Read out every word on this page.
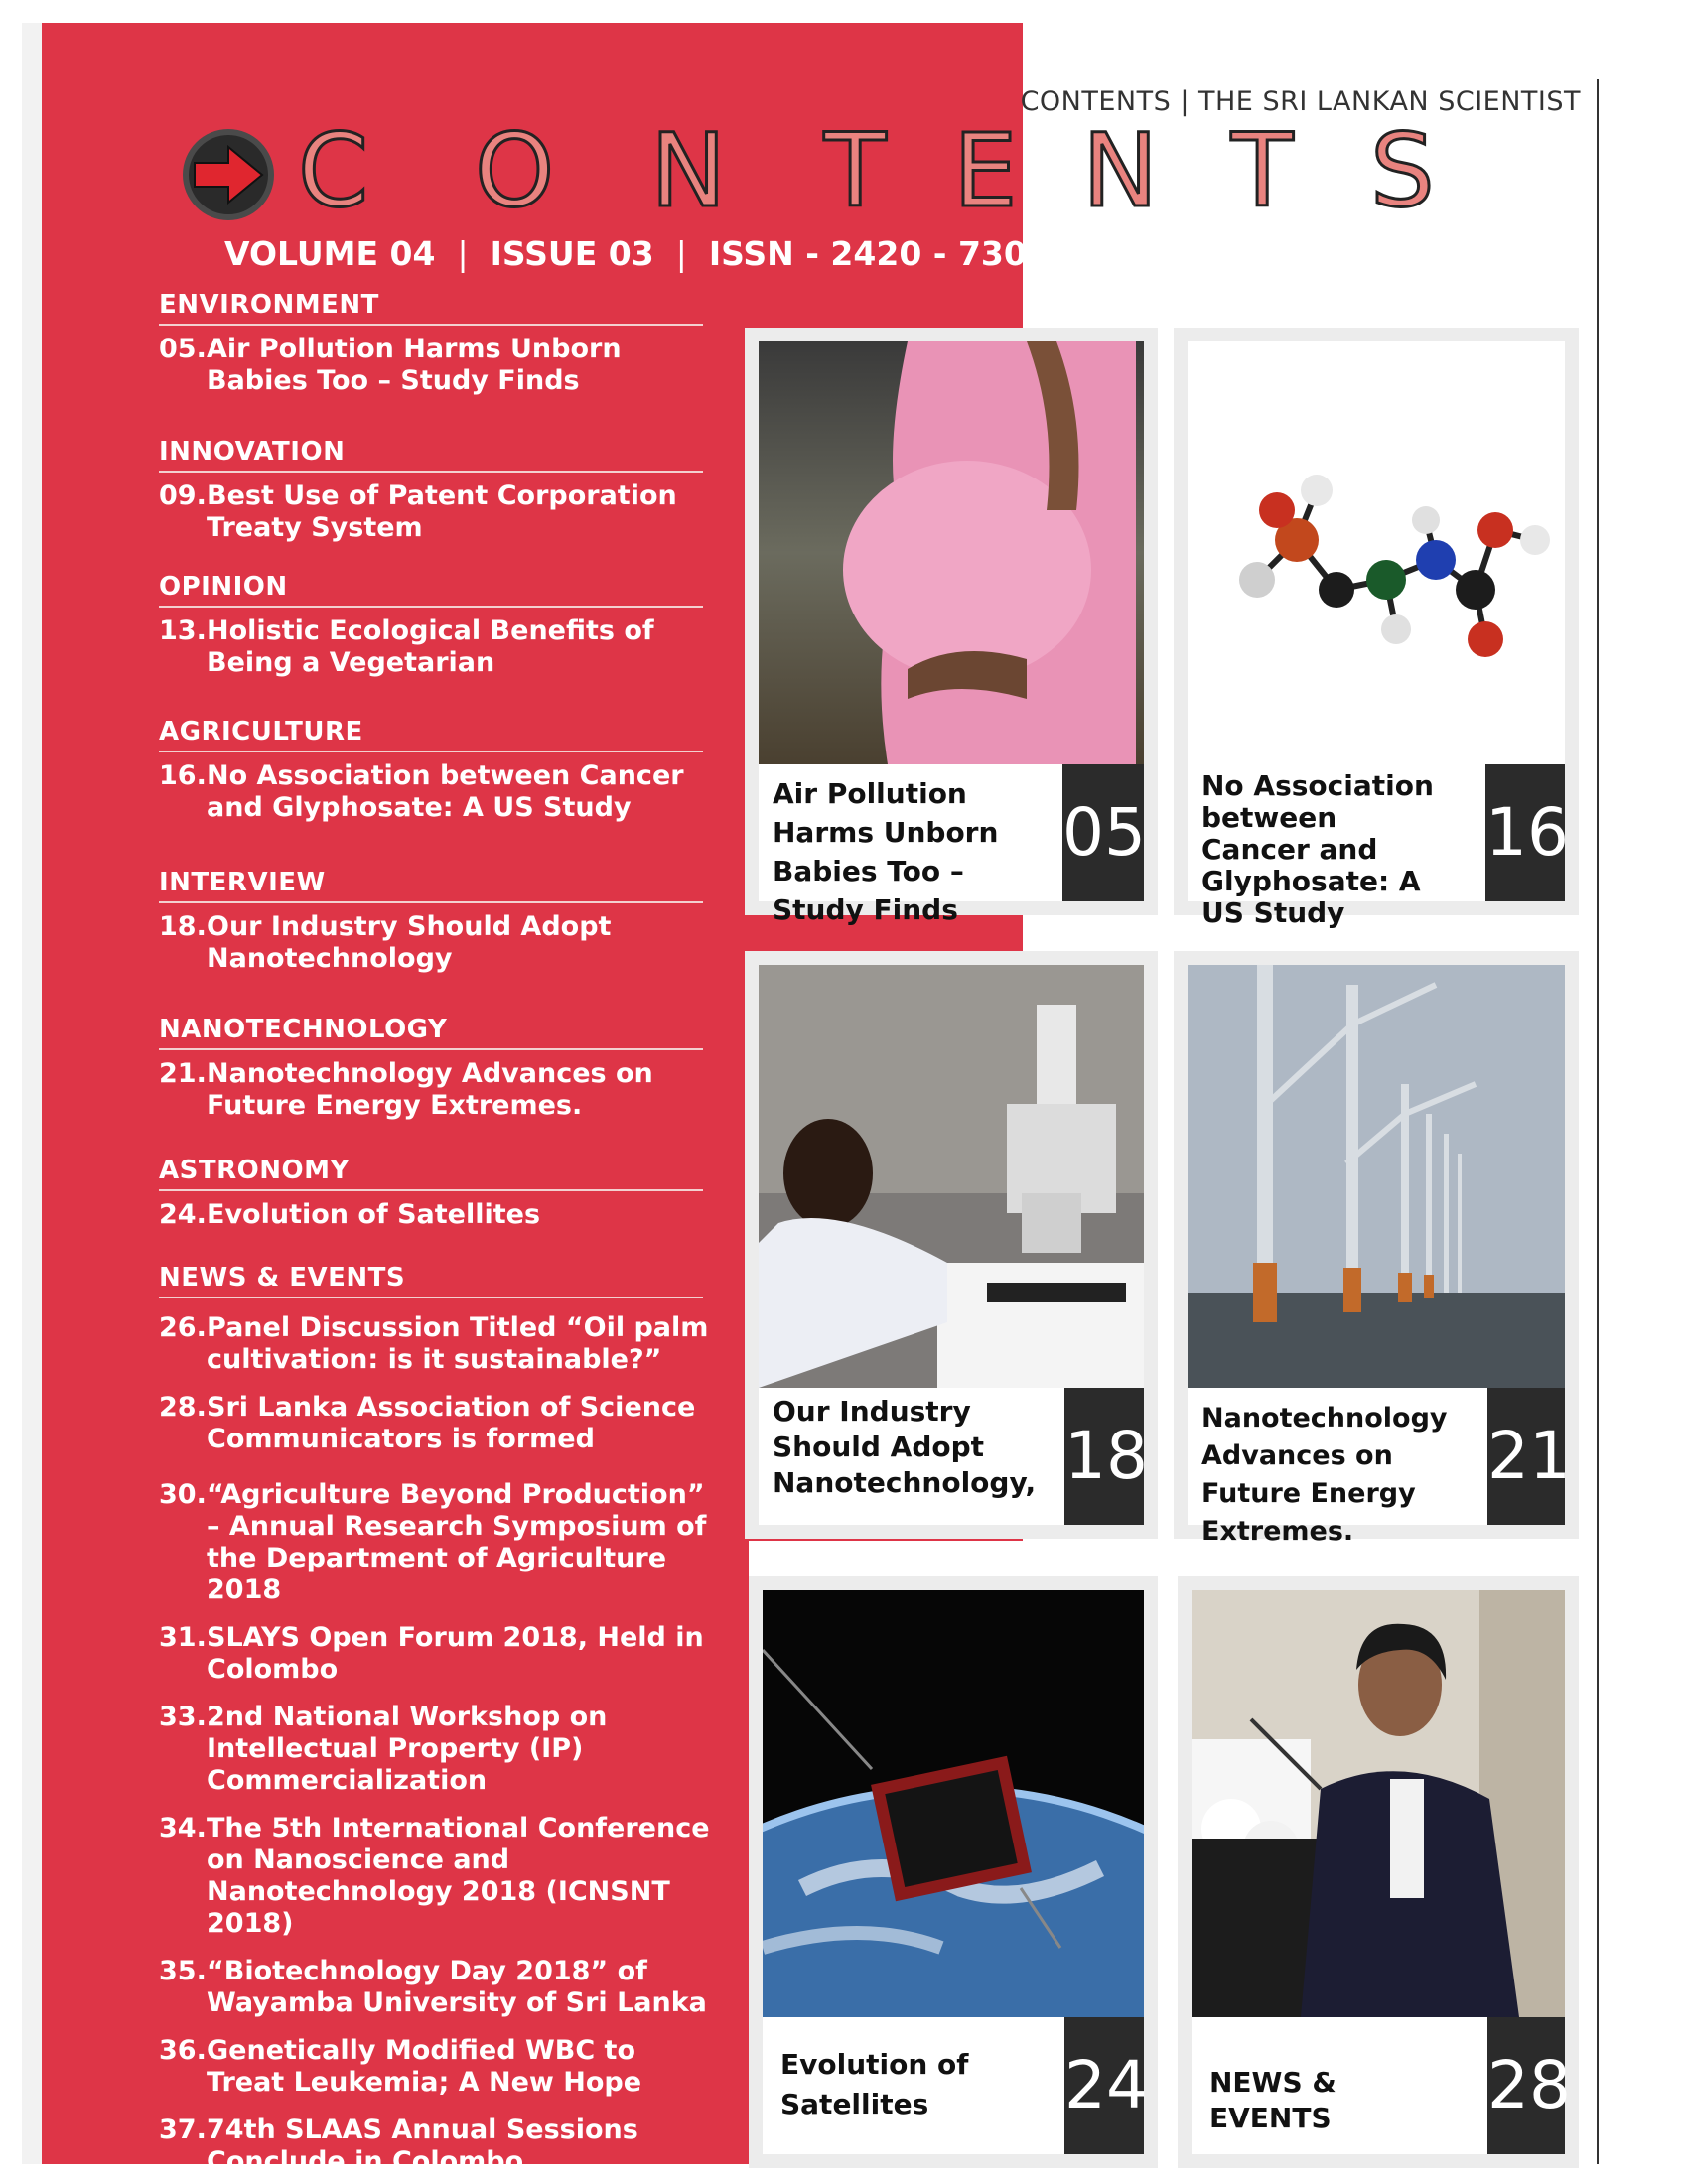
CONTENTS | THE SRI LANKAN SCIENTIST
C O N T E N T S
VOLUME 04 | ISSUE 03 | ISSN - 2420 - 7306
ENVIRONMENT
05.Air Pollution Harms Unborn Babies Too – Study Finds
INNOVATION
09.Best Use of Patent Corporation Treaty System
OPINION
13.Holistic Ecological Benefits of Being a Vegetarian
AGRICULTURE
16.No Association between Cancer and Glyphosate: A US Study
INTERVIEW
18.Our Industry Should Adopt Nanotechnology
NANOTECHNOLOGY
21.Nanotechnology Advances on Future Energy Extremes.
ASTRONOMY
24.Evolution of Satellites
NEWS & EVENTS
26.Panel Discussion Titled “Oil palm cultivation: is it sustainable?”
28.Sri Lanka Association of Science Communicators is formed
30.“Agriculture Beyond Production” – Annual Research Symposium of the Department of Agriculture 2018
31.SLAYS Open Forum 2018, Held in Colombo
33.2nd National Workshop on Intellectual Property (IP) Commercialization
34.The 5th International Conference on Nanoscience and Nanotechnology 2018 (ICNSNT 2018)
35.“Biotechnology Day 2018” of Wayamba University of Sri Lanka
36.Genetically Modified WBC to Treat Leukemia; A New Hope
37.74th SLAAS Annual Sessions Conclude in Colombo
Air Pollution Harms Unborn Babies Too – Study Finds
05
No Association between Cancer and Glyphosate: A US Study
16
Our Industry Should Adopt Nanotechnology, 18 Nanotechnology Advances on Future Energy Extremes.
21
Evolution of Satellites	24 NEWS & EVENTS	28
